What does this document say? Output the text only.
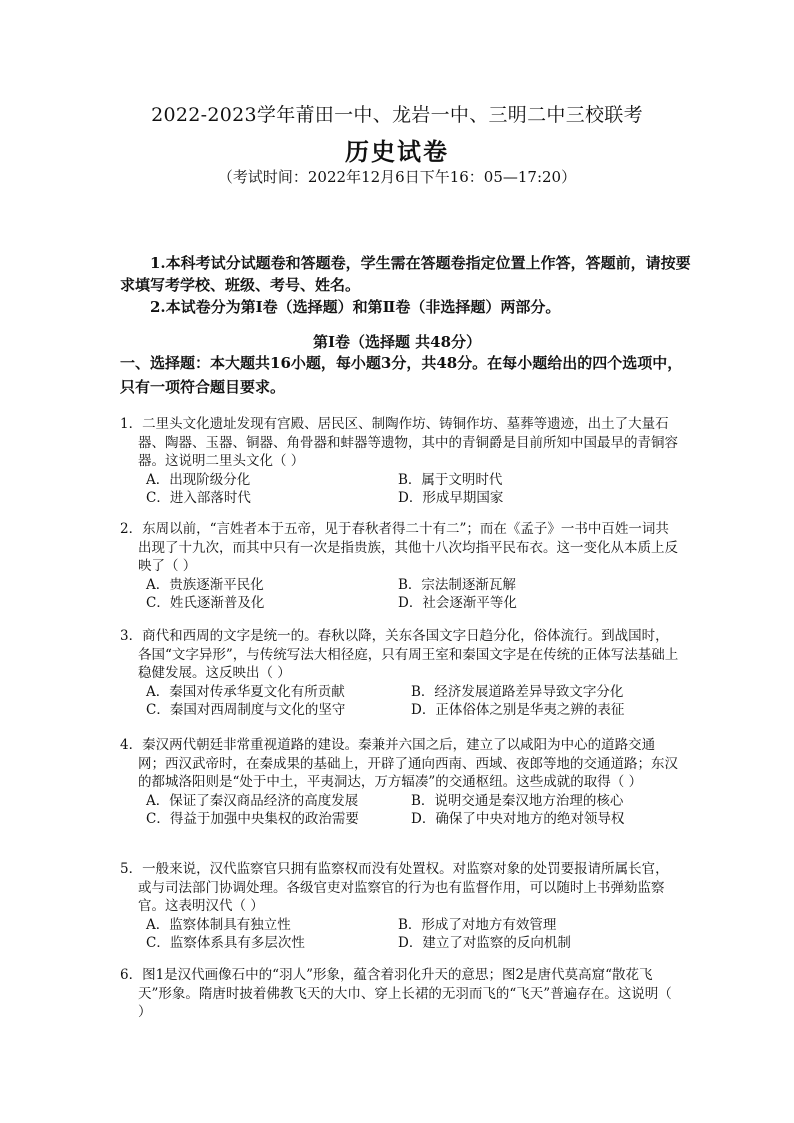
2022-2023学年莆田一中、龙岩一中、三明二中三校联考
历史试卷
（考试时间：2022年12月6日下午16：05—17:20）

1.本科考试分试题卷和答题卷，学生需在答题卷指定位置上作答，答题前，请按要求填写考学校、班级、考号、姓名。

2.本试卷分为第Ⅰ卷（选择题）和第Ⅱ卷（非选择题）两部分。

第Ⅰ卷（选择题 共48分）
一、选择题：本大题共16小题，每小题3分，共48分。在每小题给出的四个选项中，只有一项符合题目要求。
1．二里头文化遗址发现有宫殿、居民区、制陶作坊、铸铜作坊、墓葬等遗迹，出土了大量石器、陶器、玉器、铜器、角骨器和蚌器等遗物，其中的青铜爵是目前所知中国最早的青铜容器。这说明二里头文化（ ）
A．出现阶级分化	B．属于文明时代
C．进入部落时代	D．形成早期国家
2．东周以前，“言姓者本于五帝，见于春秋者得二十有二”；而在《孟子》一书中百姓一词共出现了十九次，而其中只有一次是指贵族，其他十八次均指平民布衣。这一变化从本质上反映了（ ）
A．贵族逐渐平民化	B．宗法制逐渐瓦解
C．姓氏逐渐普及化	D．社会逐渐平等化
3．商代和西周的文字是统一的。春秋以降，关东各国文字日趋分化，俗体流行。到战国时，各国“文字异形”，与传统写法大相径庭，只有周王室和秦国文字是在传统的正体写法基础上稳健发展。这反映出（ ）
A．秦国对传承华夏文化有所贡献	B．经济发展道路差异导致文字分化
C．秦国对西周制度与文化的坚守	D．正体俗体之别是华夷之辨的表征
4．秦汉两代朝廷非常重视道路的建设。秦兼并六国之后，建立了以咸阳为中心的道路交通网；西汉武帝时，在秦成果的基础上，开辟了通向西南、西域、夜郎等地的交通道路；东汉的都城洛阳则是“处于中土，平夷洞达，万方辐凑”的交通枢纽。这些成就的取得（ ）
A．保证了秦汉商品经济的高度发展	B．说明交通是秦汉地方治理的核心
C．得益于加强中央集权的政治需要	D．确保了中央对地方的绝对领导权
5．一般来说，汉代监察官只拥有监察权而没有处置权。对监察对象的处罚要报请所属长官，或与司法部门协调处理。各级官吏对监察官的行为也有监督作用，可以随时上书弹劾监察官。这表明汉代（ ）
A．监察体制具有独立性	B．形成了对地方有效管理
C．监察体系具有多层次性	D．建立了对监察的反向机制
6．图1是汉代画像石中的“羽人”形象，蕴含着羽化升天的意思；图2是唐代莫高窟“散花飞天”形象。隋唐时披着佛教飞天的大巾、穿上长裙的无羽而飞的“飞天”普遍存在。这说明（ ）
